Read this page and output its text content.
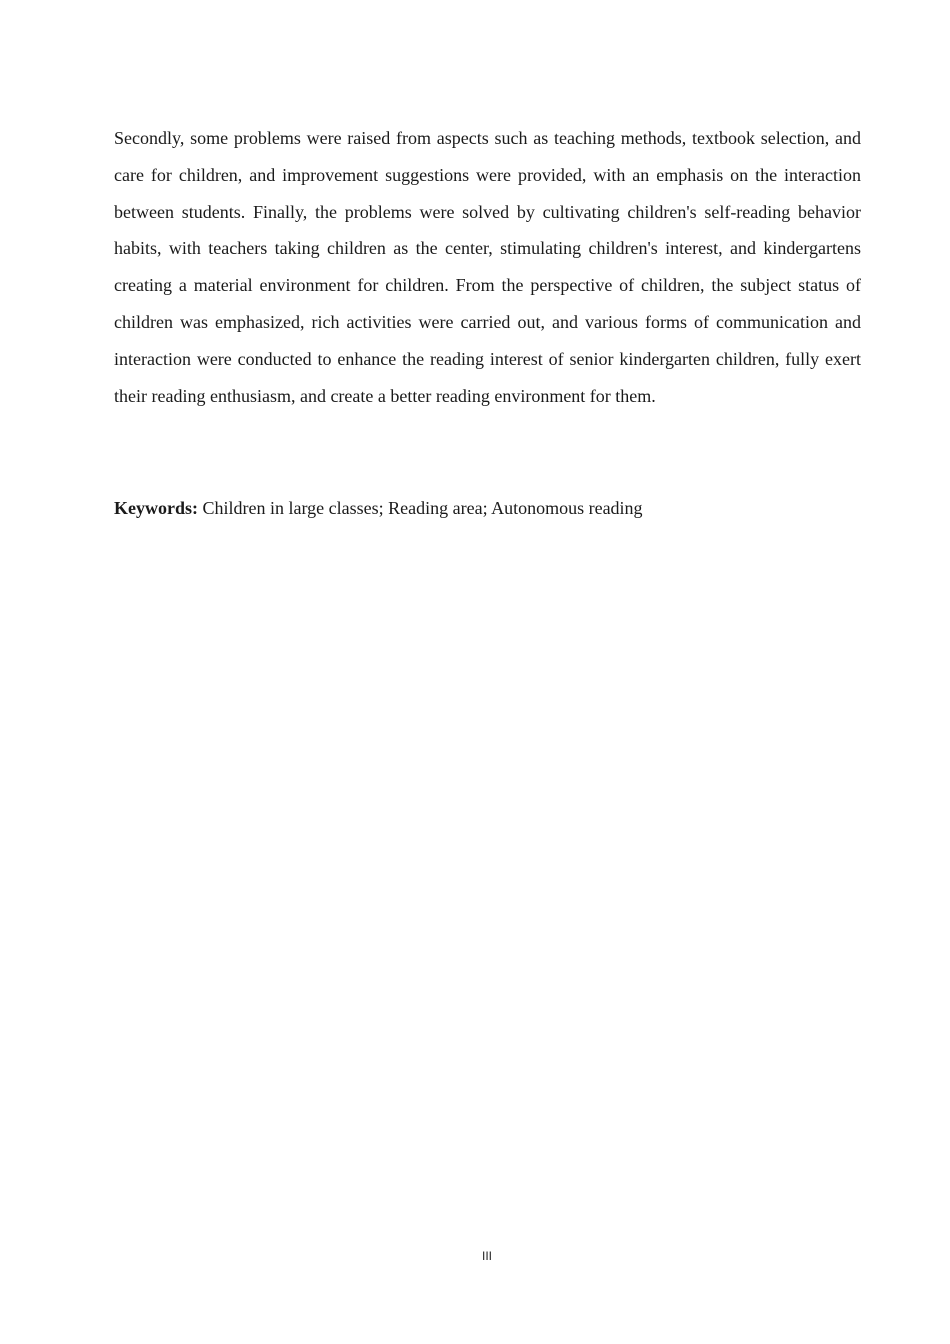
Secondly, some problems were raised from aspects such as teaching methods, textbook selection, and care for children, and improvement suggestions were provided, with an emphasis on the interaction between students. Finally, the problems were solved by cultivating children's self-reading behavior habits, with teachers taking children as the center, stimulating children's interest, and kindergartens creating a material environment for children. From the perspective of children, the subject status of children was emphasized, rich activities were carried out, and various forms of communication and interaction were conducted to enhance the reading interest of senior kindergarten children, fully exert their reading enthusiasm, and create a better reading environment for them.

Keywords: Children in large classes; Reading area; Autonomous reading

III
